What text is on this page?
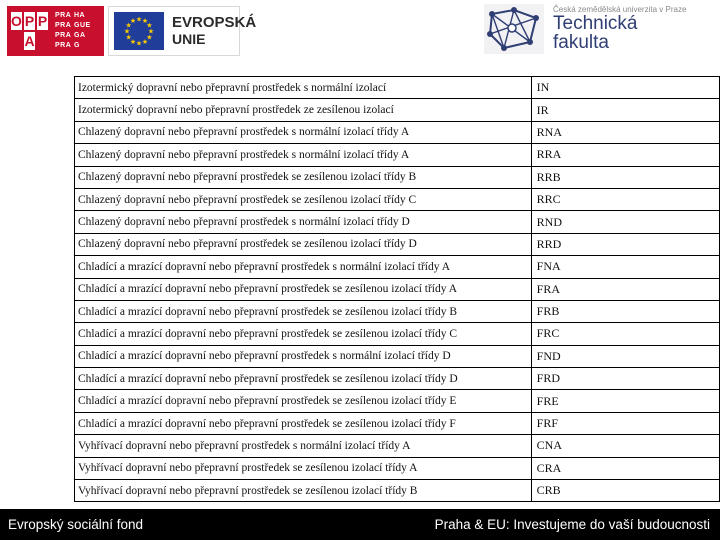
O P P
A
PRA HA
PRA GUE
PRA GA
PRA G
★
★
★
★
★
★
★
★
★ ★ ★
★ EVROPSKÁ
UNIE
Česká zemědělská univerzita v Praze
Technická
fakulta
Izotermický dopravní nebo přepravní prostředek s normální izolací	IN
Izotermický dopravní nebo přepravní prostředek ze zesílenou izolací	IR
Chlazený dopravní nebo přepravní prostředek s normální izolací třídy A	RNA
Chlazený dopravní nebo přepravní prostředek s normální izolací třídy A	RRA
Chlazený dopravní nebo přepravní prostředek se zesílenou izolací třídy B	RRB
Chlazený dopravní nebo přepravní prostředek se zesílenou izolací třídy C	RRC
Chlazený dopravní nebo přepravní prostředek s normální izolací třídy D	RND
Chlazený dopravní nebo přepravní prostředek se zesílenou izolací třídy D	RRD
Chladící a mrazící dopravní nebo přepravní prostředek s normální izolací třídy A	FNA
Chladící a mrazící dopravní nebo přepravní prostředek se zesílenou izolací třídy A	FRA
Chladící a mrazící dopravní nebo přepravní prostředek se zesílenou izolací třídy B	FRB
Chladící a mrazící dopravní nebo přepravní prostředek se zesílenou izolací třídy C	FRC
Chladící a mrazící dopravní nebo přepravní prostředek s normální izolací třídy D	FND
Chladící a mrazící dopravní nebo přepravní prostředek se zesílenou izolací třídy D	FRD
Chladící a mrazící dopravní nebo přepravní prostředek se zesílenou izolací třídy E	FRE
Chladící a mrazící dopravní nebo přepravní prostředek se zesílenou izolací třídy F	FRF
Vyhřívací dopravní nebo přepravní prostředek s normální izolací třídy A	CNA
Vyhřívací dopravní nebo přepravní prostředek se zesílenou izolací třídy A	CRA
Vyhřívací dopravní nebo přepravní prostředek se zesílenou izolací třídy B	CRB
Evropský sociální fond	Praha & EU: Investujeme do vaší budoucnosti
